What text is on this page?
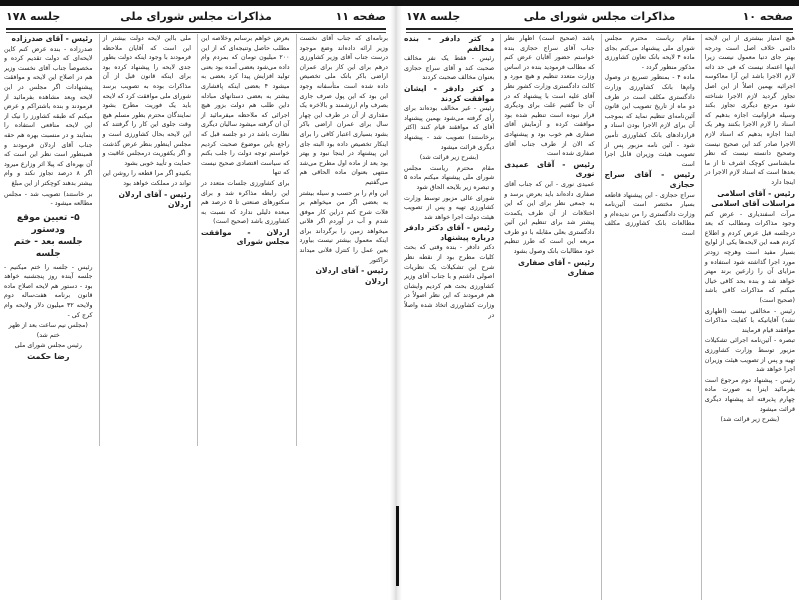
صفحه ۱۱
مذاکرات مجلس شورای ملی
جلسه ۱۷۸

برنامه‌ای که جناب آقای نخست وزیر ارائه داده‌اند وضع موجود درست جناب آقای وزیر کشاورزی درهم برای این کار برای عمران اراضی باکر بانک ملی تخصیص داده شده است متأسفانه وجود این بود که این پول صرف جاری بصرف وام ارزشمند و بالاخره یک مقداری از آن در طرف این چهار سال برای عمران اراضی باکر بشود بسیاری اعتبار کافی را برای اینکار تخصیص داده بود البته جای این پیشنهاد در اینجا نبود و بهتر بود بعد از ماده اول مطرح می‌شد منتهی بعنوان ماده الحاقی هم می‌گفتیم

این وام را بر حسب و سیله بیشتر به بعضی اگر من میخواهم بر فلات شرح کنم دراین کار موفق شدم و آب در آوردم اگر فلانی میخواهد زمین را برگرداند برای اینکه معمول بیشتر نیست بیاورد بعین عمل را کنترل فلانی میداند تراکتور

رئیس - آقای اردلان

اردلان

بعرض خواهم برسانم وخلاصه این مطلب حاصل وتنیجه‌ای که از این ۲۰۰ میلیون تومان که بمردم وام داده می‌شود بعضی آمده بود بعنی تولید افزایش پیدا کرد بعضی به میشود ۴ بعضی اینکه پافشاری بیشتر به بعضی دستانهای مبادله داین طلب هم دولت بزور هیچ اجرائی که ملاحظه میفرمائید از آن ان گرفته میشود سالیان دیگری نظارت باشد در دو جلسه قبل که راجع باین موضوع صحبت کردیم خواستم توجه دولت را جلب بکنم که سیاست اقتصادی صحیح نیست که تنها

برای کشاورزی جلسات متعدد در این رابطه مذاکره شد و برای سکتورهای صنعتی تا ۵ درصد هم مبعده دلیلی ندارد که نسبت به کشاورزی باشد (صحیح است)

اردلان - موافقت مجلس شورای

ملی بااین لایحه دولت بیشتر از این است که آقایان ملاحظه فرمودند با وجود اینکه دولت بطور جدی لایحه را پیشنهاد کرده بود برای اینکه قانون قبل از آن مذاکرات بوده به تصویب برسد شورای ملی موافقت کرد که لایحه باید یک فوریت مطرح بشود نمایندگان محترم بطور مسلم هیچ وقت جلوی این کار را گرفتند که این لایحه بحال کشاورزی است و مجلس اینطور بنظر عرض گذشت و اگر یکفوریت درمجلس عاقبت و حمایت و تأیید خوبی بشود

بکنیدو اگر مرا قطعه را روشن این تواند در مملکت خواهد بود

رئیس - آقای اردلان

اردلان

رئیس - آقای صدرزاده

صدرزاده - بنده عرض کنم کاین لایحه‌ای که دولت تقدیم کرده و مخصوصاً جناب آقای نخست وزیر هم در اصلاح این لایحه و موافقت پیشنهادات اگر مجلس در این لایحه وبعد مشاهده بفرمائید از فرمودند و بنده باشتراکم و عرض میکنم که طبقه کشاورز را نیک از این لایحه منافعی استفاده را بنمایند و در منسبت بهره هم حقه جناب آقای اردلان فرمودند و همینطور است نظر این است که آن بهره‌ای که پیلا اثر وزارع میرود اگر ۸ درصد تجاوز نکند و وام بیشتر بدهند کوچکتر از این مبلغ

بر خاستند) تصویب شد - مجلس مطالعه میشود -

۵- تعیین موقع ودستور
جلسه بعد - ختم جلسه

رئیس - جلسه را ختم میکنیم - جلسه آینده روز پنجشنبه خواهد بود - دستور هم لایحه اصلاح ماده قانون برنامه هفت‌ساله دوم ولایحه ۳۲ میلیون دلار ولایحه وام کرج کی -

(مجلس نیم ساعت بعد از ظهر ختم شد)

رئیس مجلس شورای ملی

رضا حکمت

صفحه ۱۰
مذاکرات مجلس شورای ملی
جلسه ۱۷۸

هیچ امتیاز بیشتری از این لایحه دائمی خلاف اصل است ودرجه بهتر جای دنیا معمول نیست زیرا اینها اعتماد نیست که فی حد ذاته لازم الاجرا باشد این آرا معاکوسه اجرائیه بهمین اصلاً از این اصل تجاوز گردید لازم الاجرا شناخته شود مرجع دیگری تجاوز بکند وسیله فراوانیت اجازه بدهیم که اسناد را لازم الاجرا بکنند وهر یک ابتدا اجازه بدهیم که اسناد لازم الاجرا صادر کند این صحیح نیست وصحیح دانسته نیست که نظر مابشناسی کوچک اشرف تا از ما بعدها است که اسناد لازم الاجرا در اینجا دارد

رئیس - آقای اسلامی

مراسلات آقای اسلامی

مرآت اسفندیاری - عرض کنم وجود مذاکرات ومطالب که بعد درجلسه قبل عرض کردم و اطلاع کردم همه این لایحه‌ها یکی از لوایح بسیار مفید است وهرچه زودتر مورد اجرا گذاشته شود استفاده و مزایای آن را زارعین برند مهتر خواهد شد و بنده بحد کافی خیال میکنم که مذاکرات کافی باشد (صحیح است)

رئیس - مخالفی نیست (اظهاری نشد) آقایانیکه با کفایت مذاکرات موافقند قیام فرمایند

تبصره - آئین‌نامه اجرائی تشکیلات مزبور توسط وزارت کشاورزی تهیه و پس از تصویب هیئت وزیران اجرا خواهد شد

رئیس - پیشنهاد دوم مرجوع است بفرمائید اینرا به صورت ماده چهارم پذیرفته اند پیشنهاد دیگری قرائت میشود

(بشرح زیر قرائت شد)

مقام ریاست محترم مجلس شورای ملی پیشنهاد می‌کنم بجای ماده ۴ لایحه بانک تعاون کشاورزی مذکور منظور گردد -

ماده ۴ - بمنظور تسریع در وصول وام‌ها بانک کشاورزی وزارت دادگستری مکلف است در ظرف دو ماه از تاریخ تصویب این قانون آئین‌نامه‌ای تنظیم نماید که بموجب آن برای لازم الاجرا بودن اسناد و قراردادهای بانک کشاورزی تأمین شود - آئین نامه مزبور پس از تصویب هیئت وزیران قابل اجرا است

رئیس - آقای سراج حجازی

سراج حجازی - این پیشنهاد قاطعه بسیار مختصر است آئین‌نامه وزارت دادگستری را من ندیده‌ام و مطالعات بانک کشاورزی مکلف است

باشد (صحیح است) اظهار نظر جناب آقای سراج حجازی بنده خواستم حضور آقایان عرض کنم که مطالب فرمودید بنده در اساس وزارت متعدد تنظیم و هیچ مورد و کالت دادگستری وزارت کشور نظر آقای علیه است با پیشنهاد که در آن جا گفتیم علت برای ودیگری قرار نبوده است تنظیم شده بود موافقت کرده و آزمایش آقای صفاری هم خوب بود و پیشنهادی که الان از طرف جناب آقای صفاری شده است

رئیس - آقای عمیدی نوری

عمیدی نوری - این که جناب آقای صفاری داده‌اند باید بعرض برسد و به جمعی نظر برای این که این اختلافات از آن طرف یکمدت پیشتر شد برای تنظیم این آئین دادگستری بعلی مقابله با دو طرف مربعه این است که طرز تنظیم خود مطالبات بانک وصول بشود

رئیس - آقای صفاری

صفاری

د کتر دادفر - بنده مخالفم

رئیس - فقط یک نفر مخالف صحبت کند و آقای سراج حجازی بعنوان مخالف صحبت کردند

د کتر دادفر - ایشان موافقت کردند

رئیس - غیر مخالف بوده‌اند برای رأی گرفته می‌شود بهمین پیشنهاد آقای که موافقند قیام کنند (اکثر برخاستند) تصویب شد - پیشنهاد دیگری قرائت میشود

(بشرح زیر قرائت شد)

مقام محترم ریاست مجلس شورای ملی پیشنهاد میکنم ماده ۵ و تبصره زیر بلایحه الحاق شود

شورای عالی مزبور توسط وزارت کشاورزی تهیه و پس از تصویب هیئت دولت اجرا خواهد شد

رئیس - آقای دکتر دادفر درباره پیشنهاد

دکتر دادفر - بنده وقتی که بحث کلیات مطرح بود از نقطه نظر شرح این تشکیلات یک نظریات اصولی داشتم و با جناب آقای وزیر کشاورزی بحث هم کردیم وایشان هم فرمودند که این نظر اصولاً در وزارت کشاورزی اتخاذ شده واصلاً در
